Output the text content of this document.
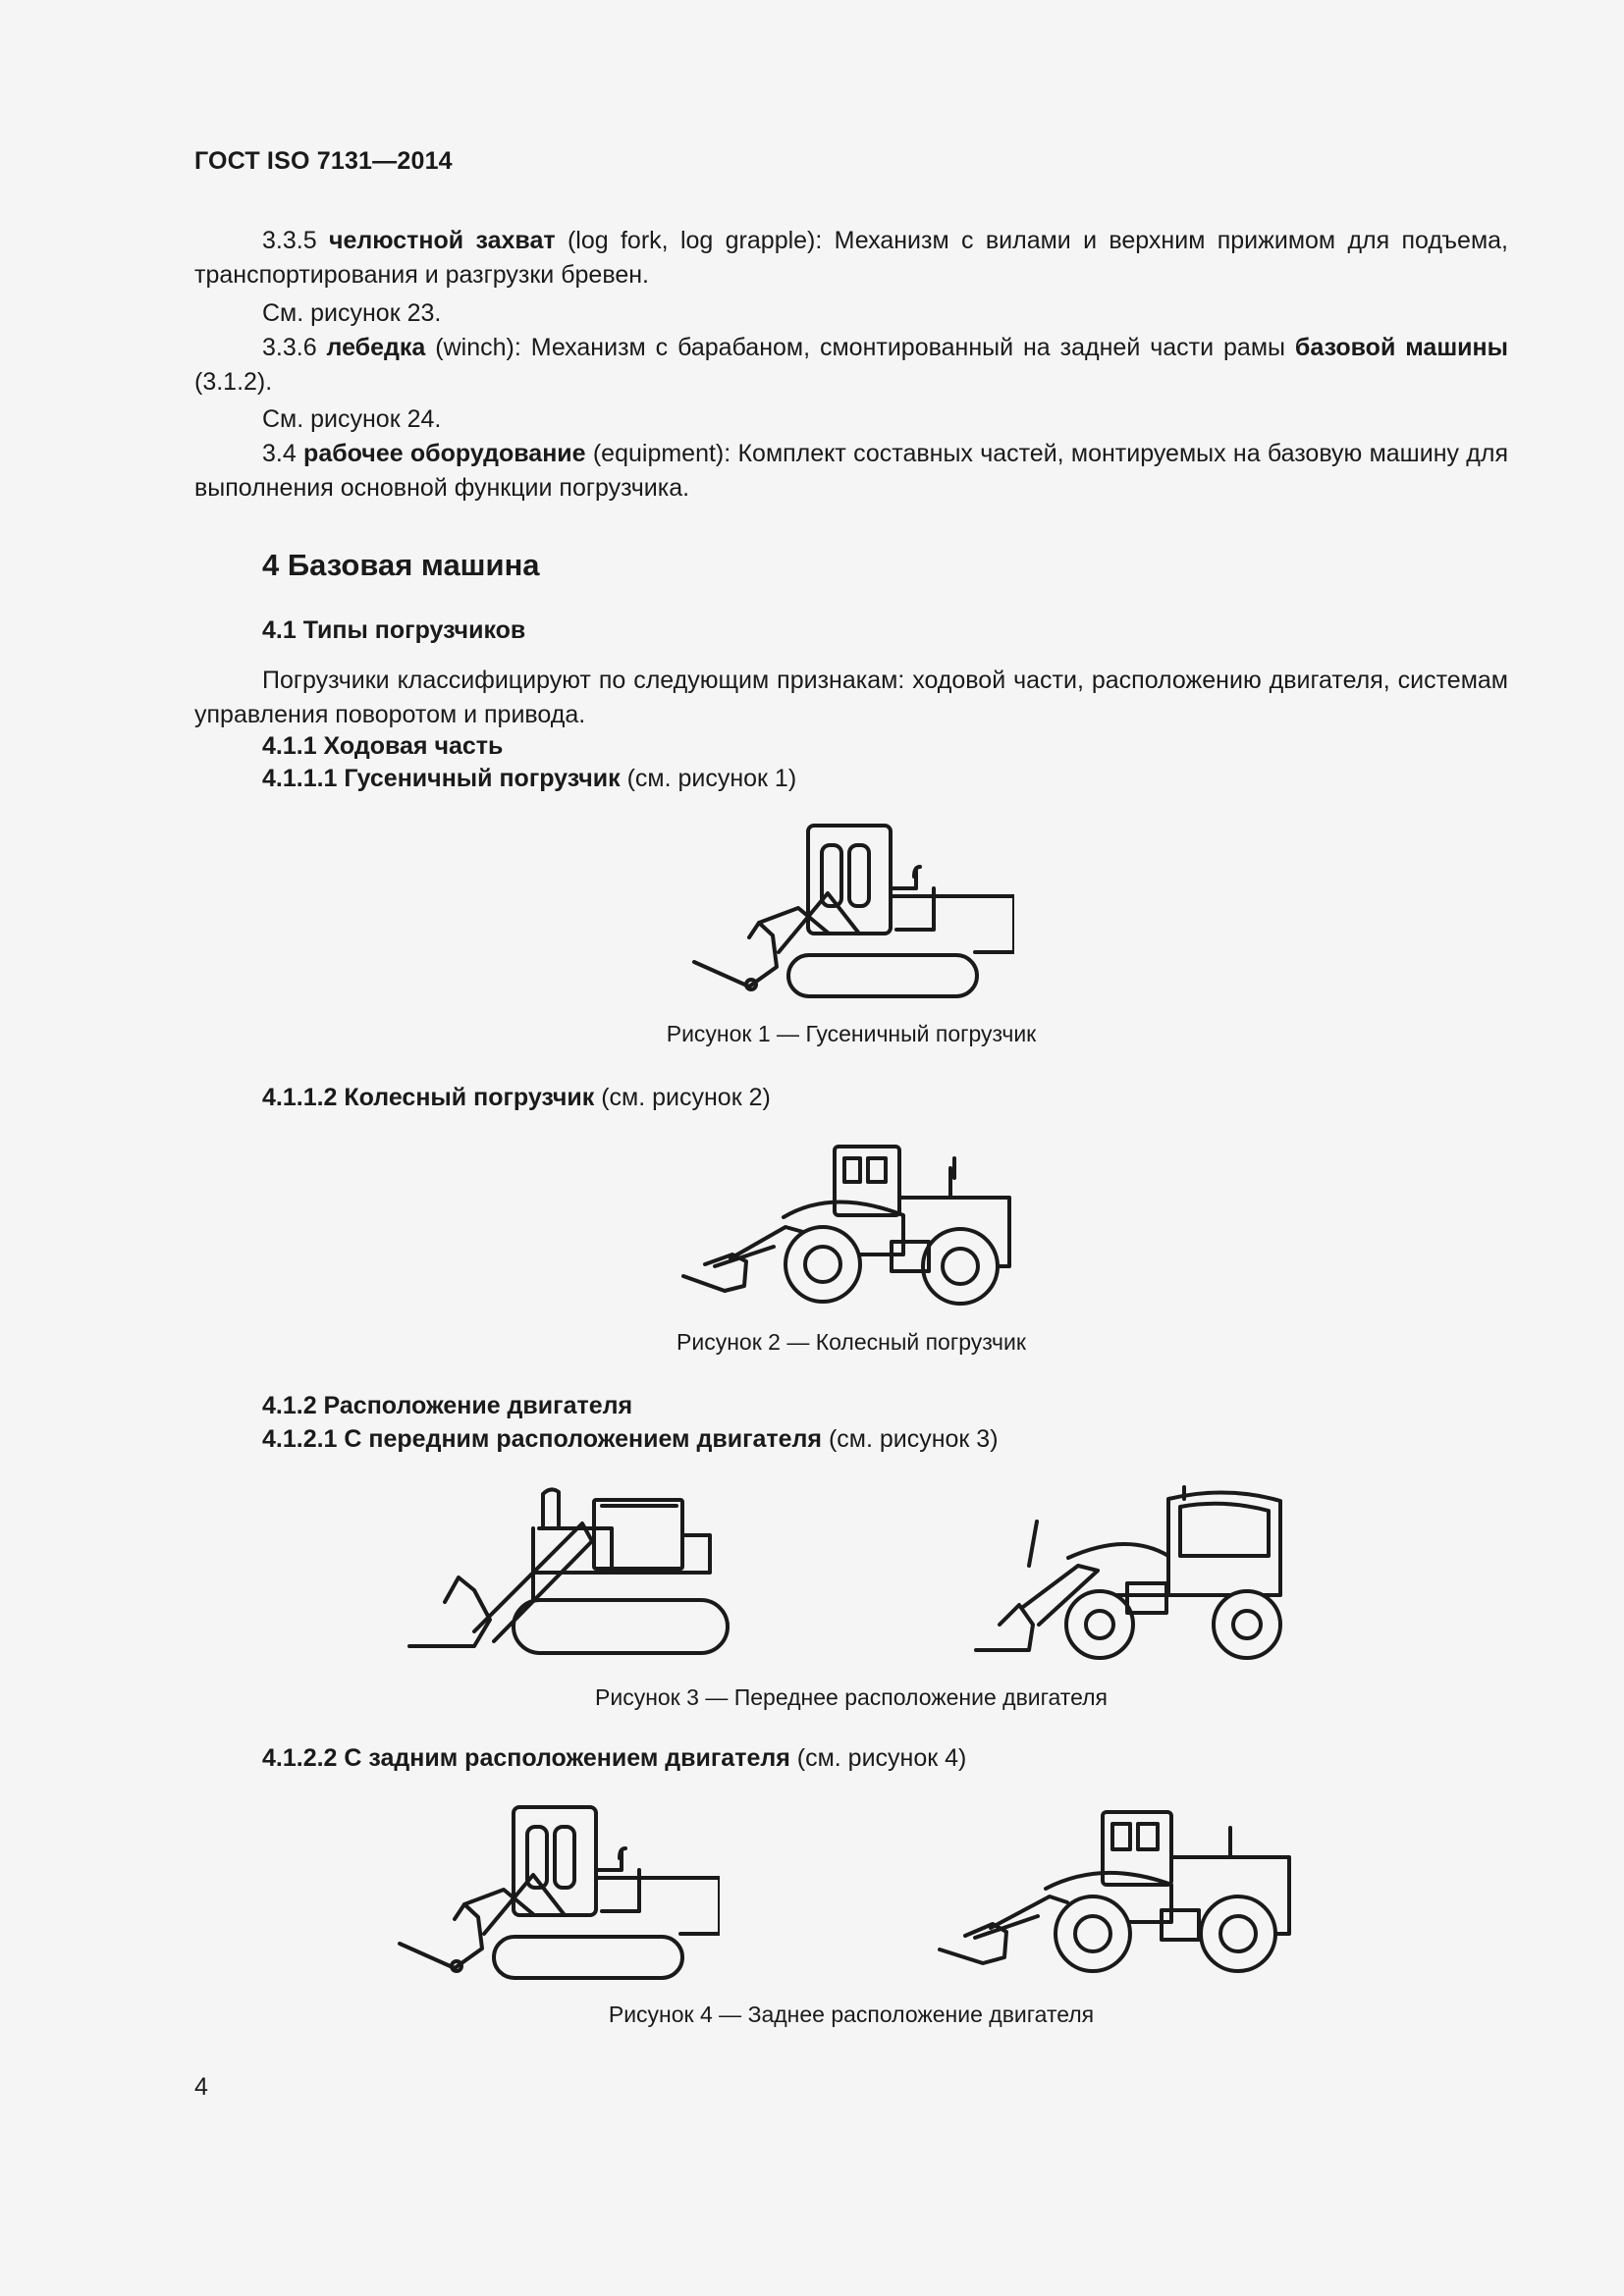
ГОСТ ISO 7131—2014
3.3.5 челюстной захват (log fork, log grapple): Механизм с вилами и верхним прижимом для подъема, транспортирования и разгрузки бревен.
См. рисунок 23.
3.3.6 лебедка (winch): Механизм с барабаном, смонтированный на задней части рамы базовой машины (3.1.2).
См. рисунок 24.
3.4 рабочее оборудование (equipment): Комплект составных частей, монтируемых на базовую машину для выполнения основной функции погрузчика.
4 Базовая машина
4.1 Типы погрузчиков
Погрузчики классифицируют по следующим признакам: ходовой части, расположению двигателя, системам управления поворотом и привода.
4.1.1 Ходовая часть
4.1.1.1 Гусеничный погрузчик (см. рисунок 1)
Рисунок 1 — Гусеничный погрузчик
4.1.1.2 Колесный погрузчик (см. рисунок 2)
Рисунок 2 — Колесный погрузчик
4.1.2 Расположение двигателя
4.1.2.1 С передним расположением двигателя (см. рисунок 3)
Рисунок 3 — Переднее расположение двигателя
4.1.2.2 С задним расположением двигателя (см. рисунок 4)
Рисунок 4 — Заднее расположение двигателя
4
